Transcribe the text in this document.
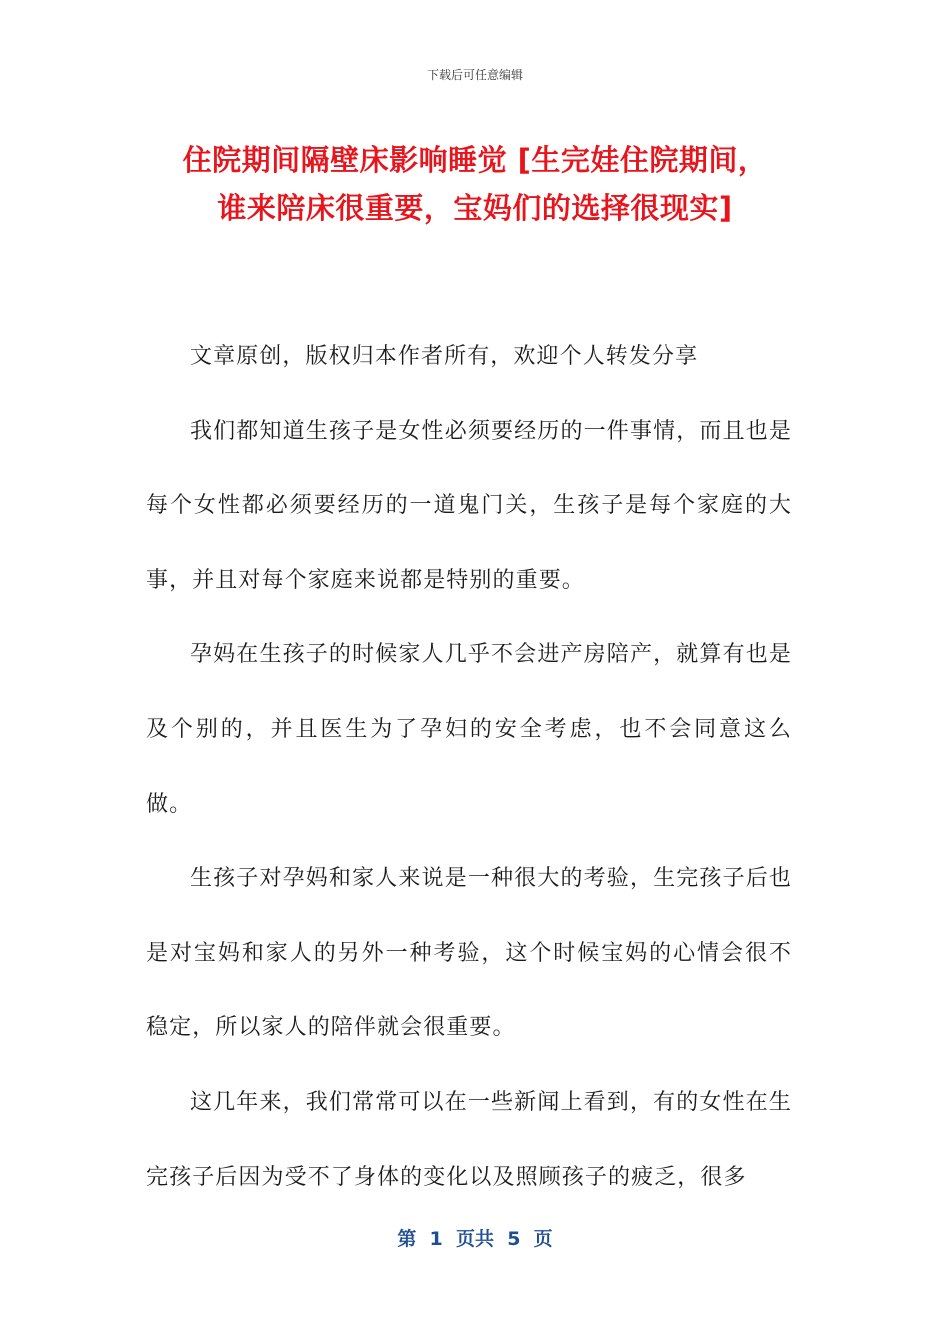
下载后可任意编辑
住院期间隔壁床影响睡觉 [生完娃住院期间，
谁来陪床很重要，宝妈们的选择很现实]

文章原创，版权归本作者所有，欢迎个人转发分享

我们都知道生孩子是女性必须要经历的一件事情，而且也是每个女性都必须要经历的一道鬼门关，生孩子是每个家庭的大事，并且对每个家庭来说都是特别的重要。

孕妈在生孩子的时候家人几乎不会进产房陪产，就算有也是及个别的，并且医生为了孕妇的安全考虑，也不会同意这么做。

生孩子对孕妈和家人来说是一种很大的考验，生完孩子后也是对宝妈和家人的另外一种考验，这个时候宝妈的心情会很不稳定，所以家人的陪伴就会很重要。

这几年来，我们常常可以在一些新闻上看到，有的女性在生完孩子后因为受不了身体的变化以及照顾孩子的疲乏，很多

第  1  页共  5  页
